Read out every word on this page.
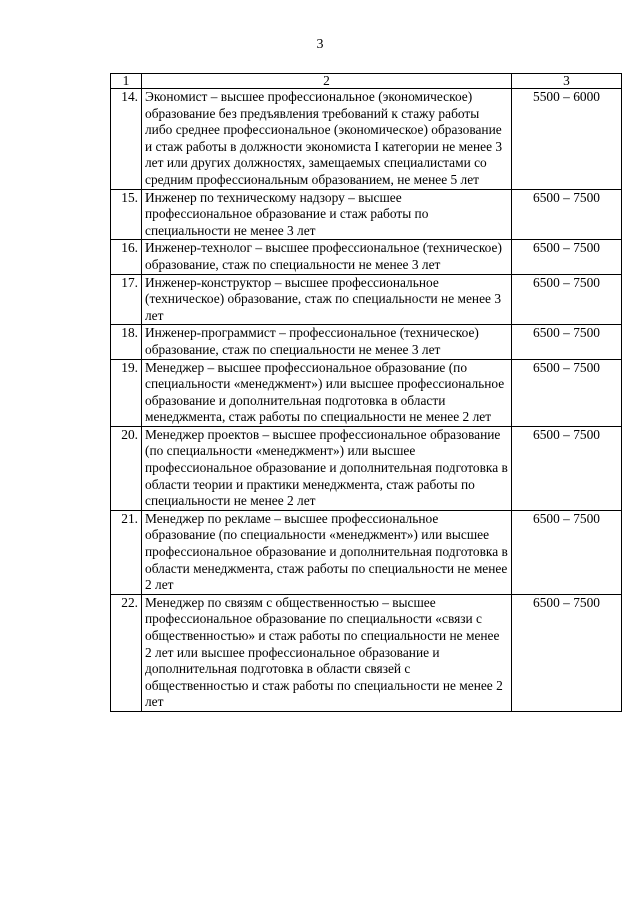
3
1	2	3
14.	Экономист – высшее профессиональное (экономическое) образование без предъявления требований к стажу работы либо среднее профессиональное (экономическое) образование и стаж работы в должности экономиста I категории не менее 3 лет или других должностях, замещаемых специалистами со средним профессиональным образованием, не менее 5 лет	5500 – 6000
15.	Инженер по техническому надзору – высшее профессиональное образование и стаж работы по специальности не менее 3 лет	6500 – 7500
16.	Инженер-технолог – высшее профессиональное (техническое) образование, стаж по специальности не менее 3 лет	6500 – 7500
17.	Инженер-конструктор – высшее профессиональное (техническое) образование, стаж по специальности не менее 3 лет	6500 – 7500
18.	Инженер-программист – профессиональное (техническое) образование, стаж по специальности не менее 3 лет	6500 – 7500
19.	Менеджер – высшее профессиональное образование (по специальности «менеджмент») или высшее профессиональное образование и дополнительная подготовка в области менеджмента, стаж работы по специальности не менее 2 лет	6500 – 7500
20.	Менеджер проектов – высшее профессиональное образование (по специальности «менеджмент») или высшее профессиональное образование и дополнительная подготовка в области теории и практики менеджмента, стаж работы по специальности не менее 2 лет	6500 – 7500
21.	Менеджер по рекламе – высшее профессиональное образование (по специальности «менеджмент») или высшее профессиональное образование и дополнительная подготовка в области менеджмента, стаж работы по специальности не менее 2 лет	6500 – 7500
22.	Менеджер по связям с общественностью – высшее профессиональное образование по специальности «связи с общественностью» и стаж работы по специальности не менее 2 лет или высшее профессиональное образование и дополнительная подготовка в области связей с общественностью и стаж работы по специальности не менее 2 лет	6500 – 7500
